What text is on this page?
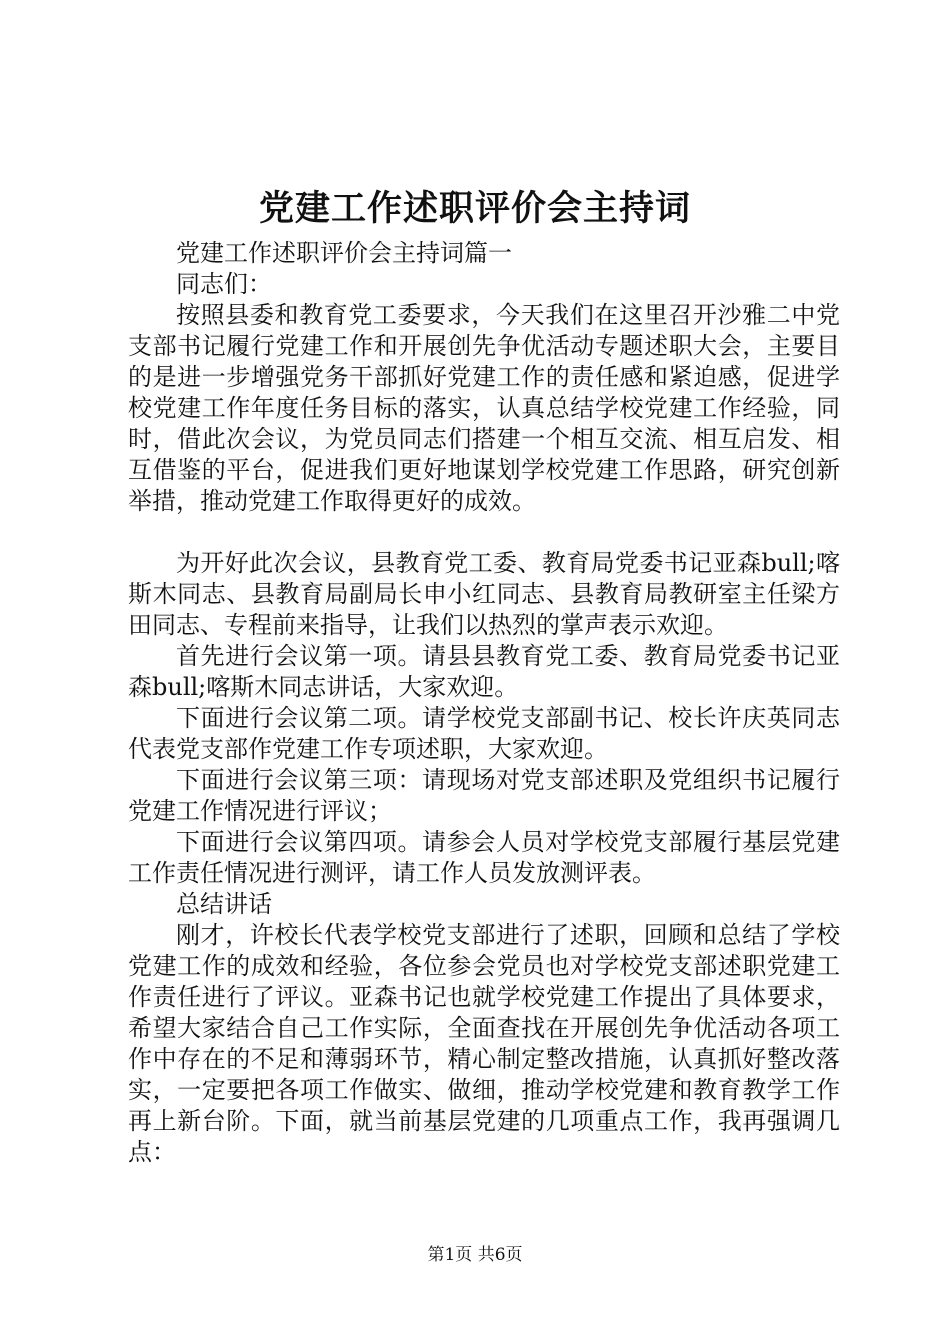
党建工作述职评价会主持词

党建工作述职评价会主持词篇一

同志们：

按照县委和教育党工委要求，今天我们在这里召开沙雅二中党支部书记履行党建工作和开展创先争优活动专题述职大会，主要目的是进一步增强党务干部抓好党建工作的责任感和紧迫感，促进学校党建工作年度任务目标的落实，认真总结学校党建工作经验，同时，借此次会议，为党员同志们搭建一个相互交流、相互启发、相互借鉴的平台，促进我们更好地谋划学校党建工作思路，研究创新举措，推动党建工作取得更好的成效。

为开好此次会议，县教育党工委、教育局党委书记亚森bull;喀斯木同志、县教育局副局长申小红同志、县教育局教研室主任梁方田同志、专程前来指导，让我们以热烈的掌声表示欢迎。

首先进行会议第一项。请县县教育党工委、教育局党委书记亚森bull;喀斯木同志讲话，大家欢迎。

下面进行会议第二项。请学校党支部副书记、校长许庆英同志代表党支部作党建工作专项述职，大家欢迎。

下面进行会议第三项：请现场对党支部述职及党组织书记履行党建工作情况进行评议；

下面进行会议第四项。请参会人员对学校党支部履行基层党建工作责任情况进行测评，请工作人员发放测评表。

总结讲话

刚才，许校长代表学校党支部进行了述职，回顾和总结了学校党建工作的成效和经验，各位参会党员也对学校党支部述职党建工作责任进行了评议。亚森书记也就学校党建工作提出了具体要求，希望大家结合自己工作实际，全面查找在开展创先争优活动各项工作中存在的不足和薄弱环节，精心制定整改措施，认真抓好整改落实，一定要把各项工作做实、做细，推动学校党建和教育教学工作再上新台阶。下面，就当前基层党建的几项重点工作，我再强调几点：

第1页 共6页
